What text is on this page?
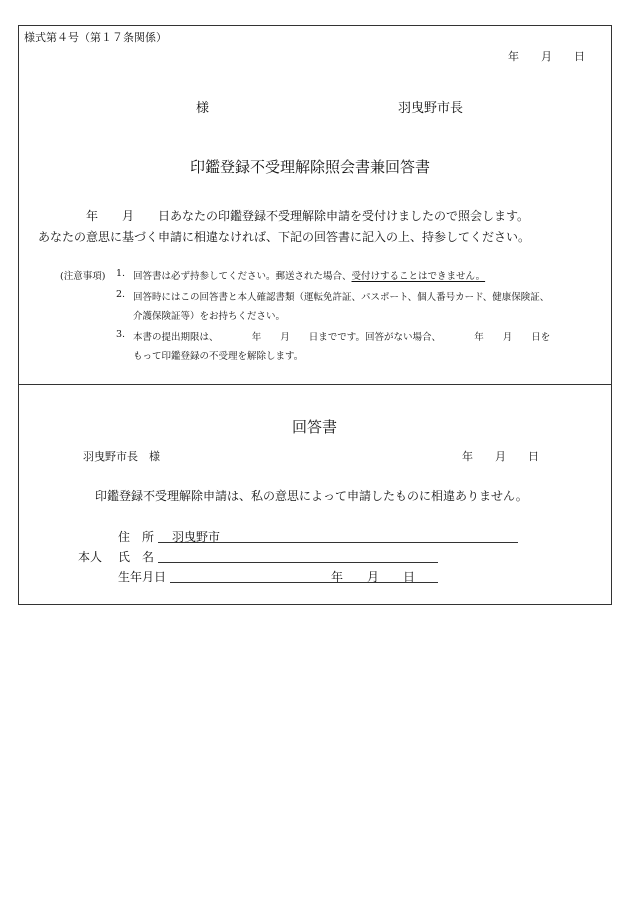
様式第４号（第１７条関係）
年　　月　　日
様	羽曳野市長
印鑑登録不受理解除照会書兼回答書
年　　月　　日あなたの印鑑登録不受理解除申請を受付けましたので照会します。
あなたの意思に基づく申請に相違なければ、下記の回答書に記入の上、持参してください。
(注意事項) 1. 回答書は必ず持参してください。郵送された場合、受付けすることはできません。
2. 回答時にはこの回答書と本人確認書類（運転免許証、パスポート、個人番号カード、健康保険証、
介護保険証等）をお持ちください。
3. 本書の提出期限は、　　　　年　　月　　日までです。回答がない場合、　　　　年　　月　　日を
もって印鑑登録の不受理を解除します。
回答書
羽曳野市長　様	年　　月　　日
印鑑登録不受理解除申請は、私の意思によって申請したものに相違ありません。
住　所 羽曳野市
本人 氏　名
生年月日	年　　月　　日
